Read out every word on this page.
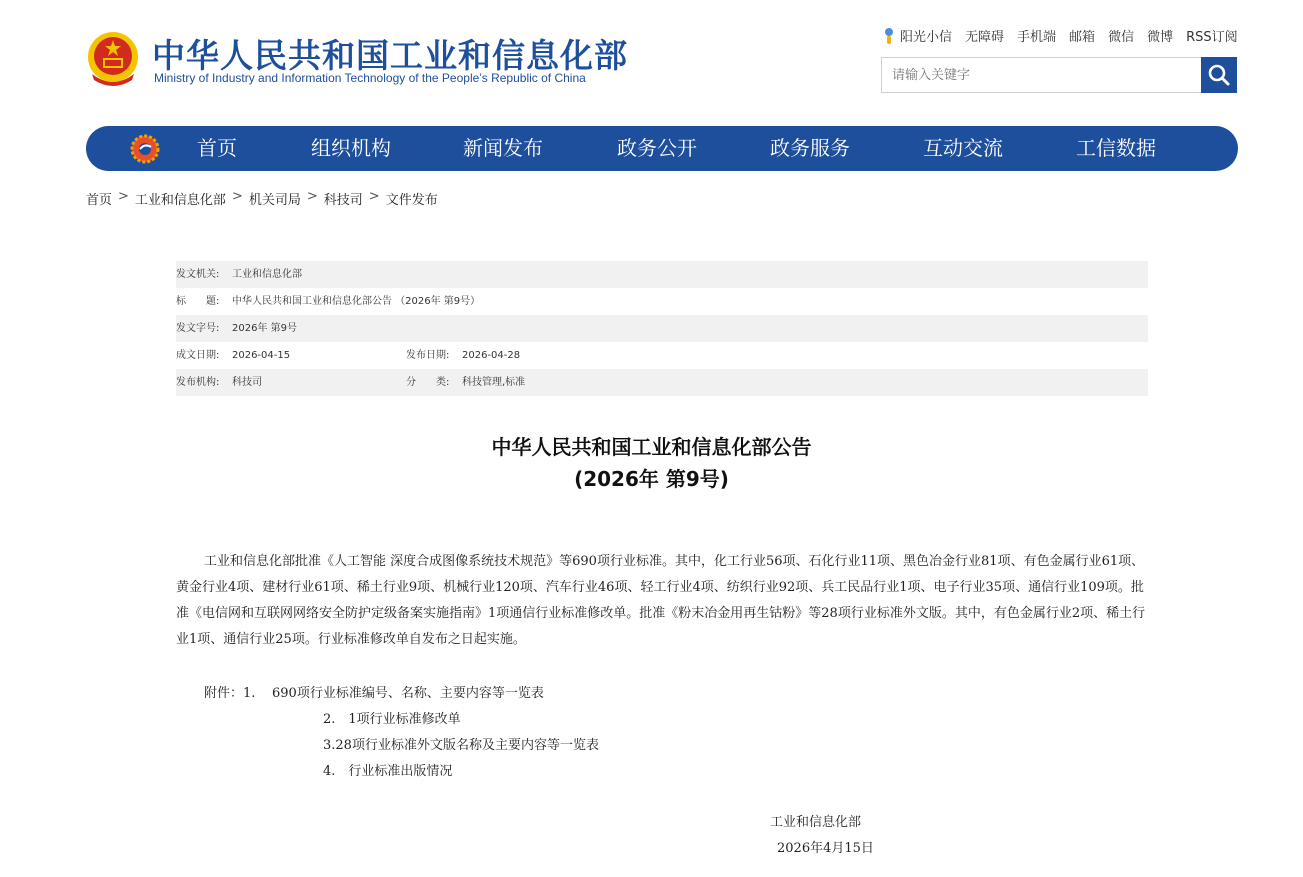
中华人民共和国工业和信息化部
Ministry of Industry and Information Technology of the People’s Republic of China
阳光小信 无障碍 手机端 邮箱 微信 微博 RSS订阅
请输入关键字
首页	组织机构	新闻发布	政务公开	政务服务	互动交流	工信数据
首页 > 工业和信息化部 > 机关司局 > 科技司 > 文件发布
发文机关: 工业和信息化部
标　　题: 中华人民共和国工业和信息化部公告 （2026年 第9号）
发文字号: 2026年 第9号
成文日期: 2026-04-15	发布日期: 2026-04-28
发布机构: 科技司	分　　类: 科技管理,标准
中华人民共和国工业和信息化部公告
(2026年 第9号)
工业和信息化部批准《人工智能 深度合成图像系统技术规范》等690项行业标准。其中，化工行业56项、石化行业11项、黑色冶金行业81项、有色金属行业61项、黄金行业4项、建材行业61项、稀土行业9项、机械行业120项、汽车行业46项、轻工行业4项、纺织行业92项、兵工民品行业1项、电子行业35项、通信行业109项。批准《电信网和互联网网络安全防护定级备案实施指南》1项通信行业标准修改单。批准《粉末冶金用再生钴粉》等28项行业标准外文版。其中，有色金属行业2项、稀土行业1项、通信行业25项。行业标准修改单自发布之日起实施。
附件：1. 690项行业标准编号、名称、主要内容等一览表
2.　1项行业标准修改单
3.28项行业标准外文版名称及主要内容等一览表
4.　行业标准出版情况
工业和信息化部
2026年4月15日
